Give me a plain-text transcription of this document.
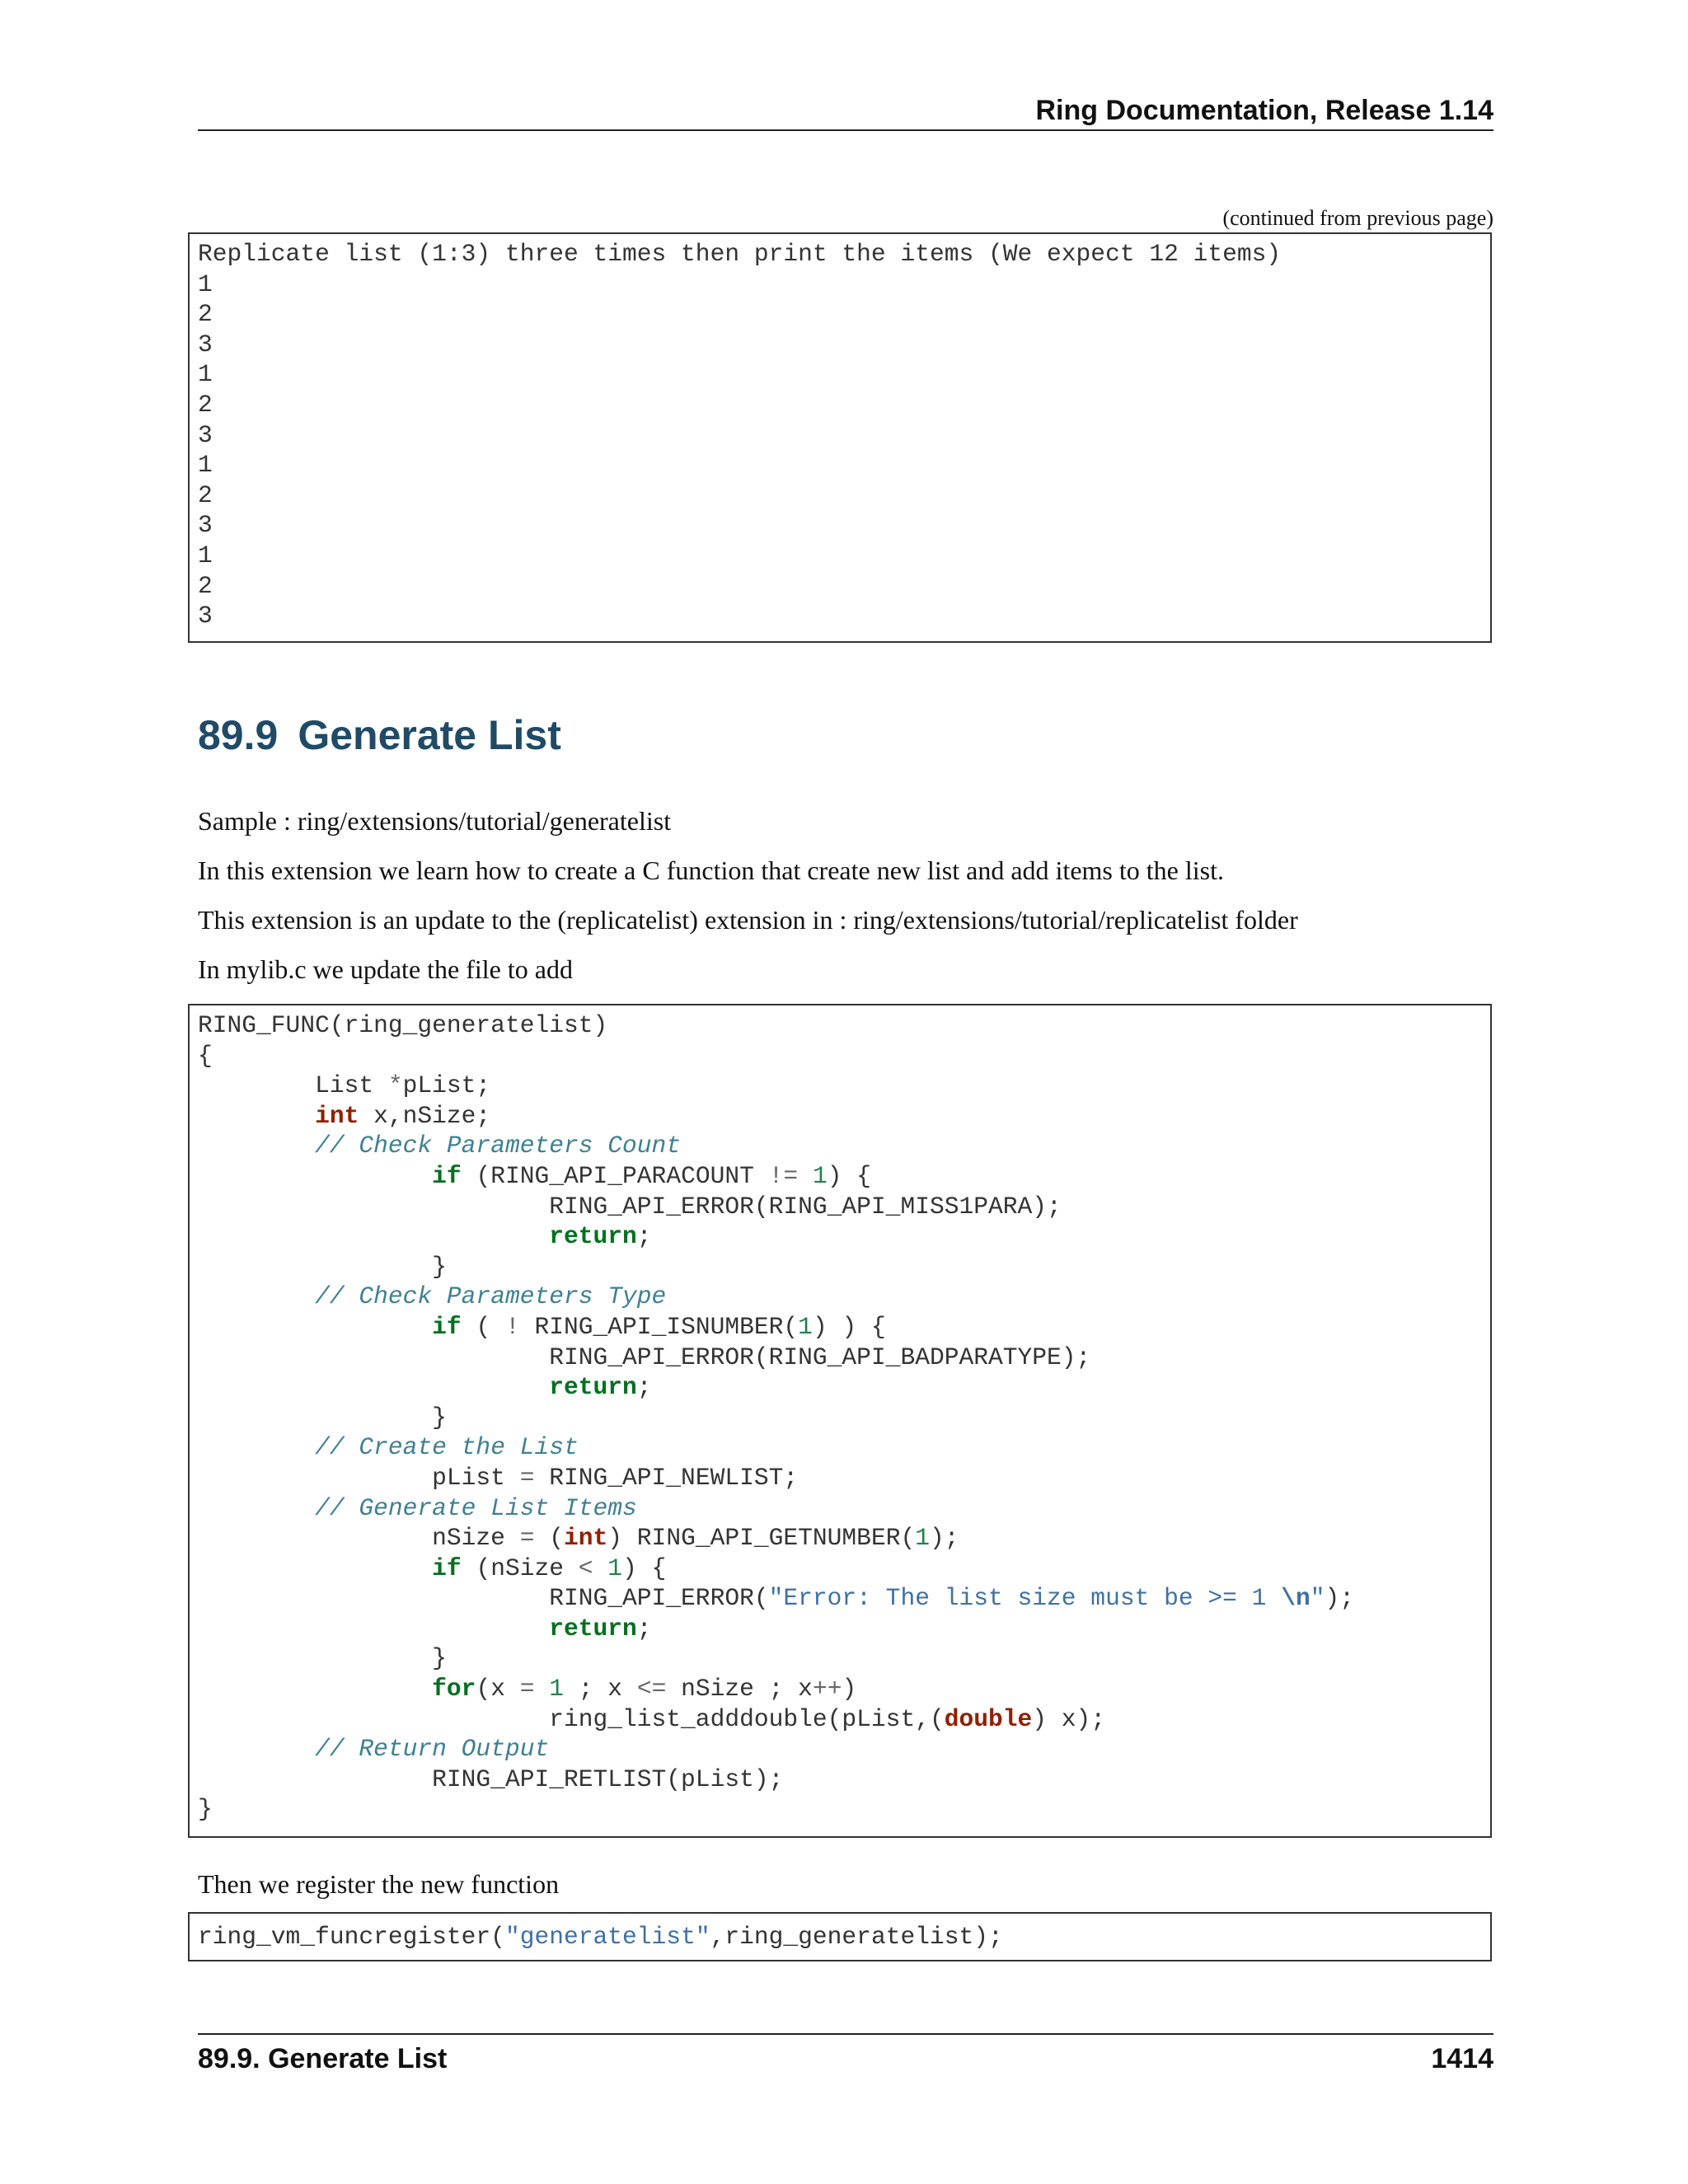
Ring Documentation, Release 1.14
(continued from previous page)
Replicate list (1:3) three times then print the items (We expect 12 items)
1
2
3
1
2
3
1
2
3
1
2
3
89.9 Generate List
Sample : ring/extensions/tutorial/generatelist
In this extension we learn how to create a C function that create new list and add items to the list.
This extension is an update to the (replicatelist) extension in : ring/extensions/tutorial/replicatelist folder
In mylib.c we update the file to add
RING_FUNC(ring_generatelist)
{
List *pList;
int x,nSize;
// Check Parameters Count
if (RING_API_PARACOUNT != 1) {
RING_API_ERROR(RING_API_MISS1PARA);
return;
}
// Check Parameters Type
if ( ! RING_API_ISNUMBER(1) ) {
RING_API_ERROR(RING_API_BADPARATYPE);
return;
}
// Create the List
pList = RING_API_NEWLIST;
// Generate List Items
nSize = (int) RING_API_GETNUMBER(1);
if (nSize < 1) {
RING_API_ERROR("Error: The list size must be >= 1 \n");
return;
}
for(x = 1 ; x <= nSize ; x++)
ring_list_adddouble(pList,(double) x);
// Return Output
RING_API_RETLIST(pList);
}
Then we register the new function
ring_vm_funcregister("generatelist",ring_generatelist);
89.9. Generate List	1414
